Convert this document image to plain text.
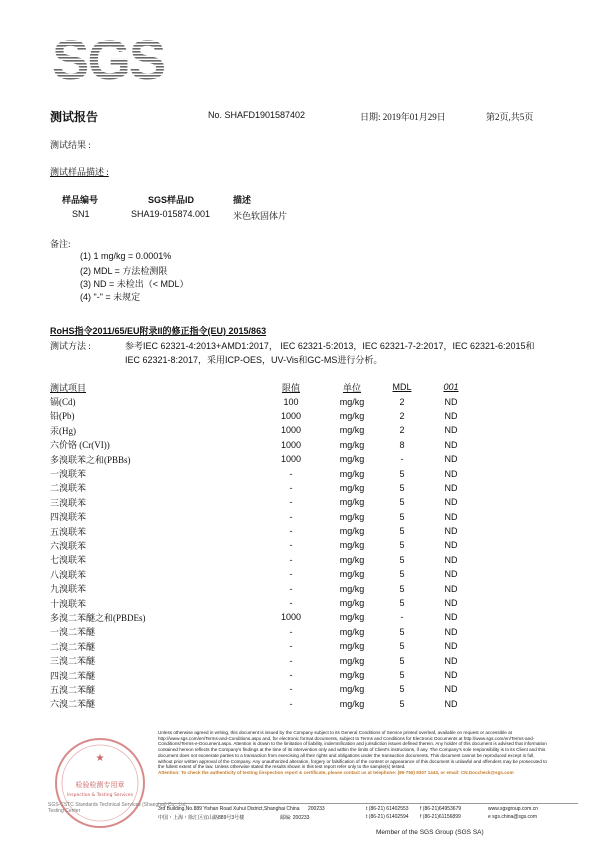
SGS
测试报告	No. SHAFD1901587402	日期: 2019年01月29日	第2页,共5页
测试结果 :
测试样品描述 :
样品编号	SGS样品ID	描述
SN1	SHA19-015874.001	米色软固体片
备注:
(1) 1 mg/kg = 0.0001%
(2) MDL = 方法检测限
(3) ND = 未检出（< MDL）
(4) "-" = 未规定
RoHS指令2011/65/EU附录II的修正指令(EU) 2015/863
测试方法 :	参考IEC 62321-4:2013+AMD1:2017， IEC 62321-5:2013，IEC 62321-7-2:2017，IEC 62321-6:2015和IEC 62321-8:2017，采用ICP-OES，UV-Vis和GC-MS进行分析。
测试项目	限值	单位	MDL	001
镉(Cd)	100	mg/kg	2	ND
铅(Pb)	1000	mg/kg	2	ND
汞(Hg)	1000	mg/kg	2	ND
六价铬 (Cr(VI))	1000	mg/kg	8	ND
多溴联苯之和(PBBs)	1000	mg/kg	-	ND
一溴联苯	-	mg/kg	5	ND
二溴联苯	-	mg/kg	5	ND
三溴联苯	-	mg/kg	5	ND
四溴联苯	-	mg/kg	5	ND
五溴联苯	-	mg/kg	5	ND
六溴联苯	-	mg/kg	5	ND
七溴联苯	-	mg/kg	5	ND
八溴联苯	-	mg/kg	5	ND
九溴联苯	-	mg/kg	5	ND
十溴联苯	-	mg/kg	5	ND
多溴二苯醚之和(PBDEs)	1000	mg/kg	-	ND
一溴二苯醚	-	mg/kg	5	ND
二溴二苯醚	-	mg/kg	5	ND
三溴二苯醚	-	mg/kg	5	ND
四溴二苯醚	-	mg/kg	5	ND
五溴二苯醚	-	mg/kg	5	ND
六溴二苯醚	-	mg/kg	5	ND
★
检验检测专用章
Inspection & Testing Services
SGS-CSTC Standards Technical Services (Shanghai) Co., Ltd.
Testing Center
Unless otherwise agreed in writing, this document is issued by the Company subject to its General Conditions of Service printed overleaf, available on request or accessible at http://www.sgs.com/en/Terms-and-Conditions.aspx and, for electronic format documents, subject to Terms and Conditions for Electronic Documents at http://www.sgs.com/en/Terms-and-Conditions/Terms-e-Document.aspx. Attention is drawn to the limitation of liability, indemnification and jurisdiction issues defined therein. Any holder of this document is advised that information contained hereon reflects the Company's findings at the time of its intervention only and within the limits of Client's instructions, if any. The Company's sole responsibility is to its Client and this document does not exonerate parties to a transaction from exercising all their rights and obligations under the transaction documents. This document cannot be reproduced except in full, without prior written approval of the Company. Any unauthorized alteration, forgery or falsification of the content or appearance of this document is unlawful and offenders may be prosecuted to the fullest extent of the law. Unless otherwise stated the results shown in this test report refer only to the sample(s) tested.
Attention: To check the authenticity of testing /inspection report & certificate, please contact us at telephone: (86-755) 8307 1443, or email: CN.Doccheck@sgs.com
3rd Building,No.889 Yishan Road Xuhui District,Shanghai China 200233	t (86-21) 61402553 f (86-21)64953679	www.sgsgroup.com.cn
中国・上海・徐汇区宜山路889号3号楼	邮编: 200233	t (86-21) 61402594 f (86-21)61156899	e sgs.china@sgs.com
Member of the SGS Group (SGS SA)
